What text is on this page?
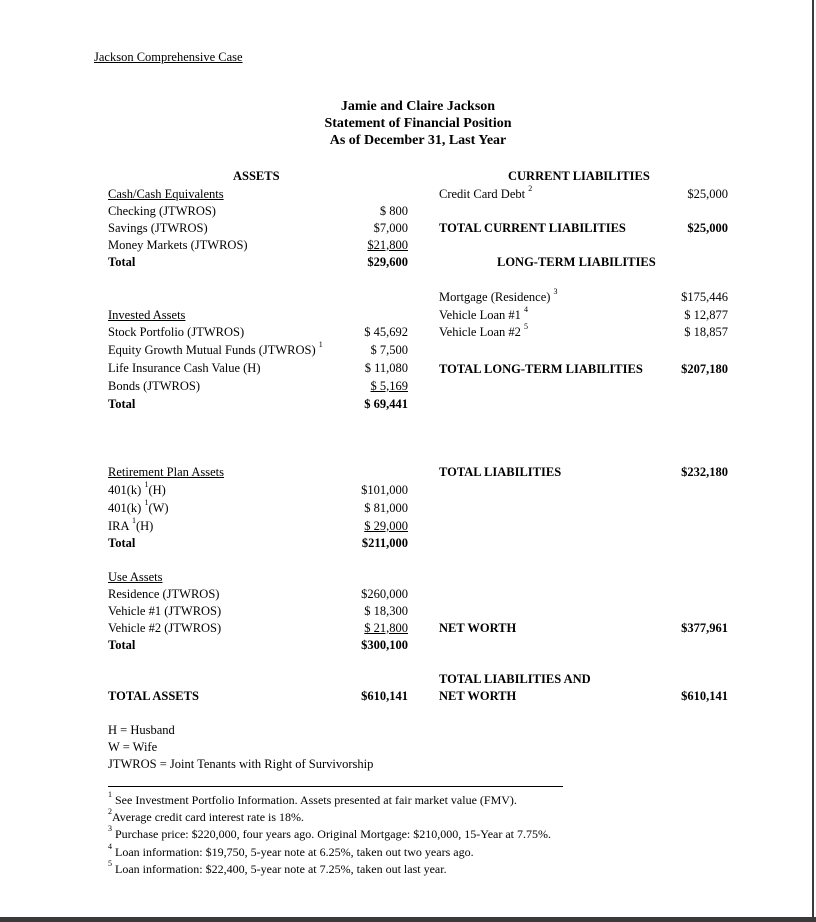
Jackson Comprehensive Case
Jamie and Claire Jackson
Statement of Financial Position
As of December 31, Last Year
ASSETS
Cash/Cash Equivalents
Checking (JTWROS)	$ 800
Savings (JTWROS)	$7,000
Money Markets (JTWROS)	$21,800
Total	$29,600
Invested Assets
Stock Portfolio (JTWROS)	$ 45,692
Equity Growth Mutual Funds (JTWROS) $^1$	$ 7,500
Life Insurance Cash Value (H)	$ 11,080
Bonds (JTWROS)	$ 5,169
Total	$ 69,441
Retirement Plan Assets
401(k) $^1$(H)	$101,000
401(k) $^1$(W)	$ 81,000
IRA $^1$(H)	$ 29,000
Total	$211,000
Use Assets
Residence (JTWROS)	$260,000
Vehicle #1 (JTWROS)	$ 18,300
Vehicle #2 (JTWROS)	$ 21,800
Total	$300,100
TOTAL ASSETS	$610,141
CURRENT LIABILITIES
Credit Card Debt $^2$	$25,000
TOTAL CURRENT LIABILITIES	$25,000
LONG-TERM LIABILITIES
Mortgage (Residence) $^3$	$175,446
Vehicle Loan #1 $^4$	$ 12,877
Vehicle Loan #2 $^5$	$ 18,857
TOTAL LONG-TERM LIABILITIES	$207,180
TOTAL LIABILITIES	$232,180
NET WORTH	$377,961
TOTAL LIABILITIES AND
NET WORTH	$610,141
H = Husband
W = Wife
JTWROS = Joint Tenants with Right of Survivorship
$^1$ See Investment Portfolio Information. Assets presented at fair market value (FMV).
$^2$Average credit card interest rate is 18%.
$^3$ Purchase price: $220,000, four years ago. Original Mortgage: $210,000, 15-Year at 7.75%.
$^4$ Loan information: $19,750, 5-year note at 6.25%, taken out two years ago.
$^5$ Loan information: $22,400, 5-year note at 7.25%, taken out last year.
